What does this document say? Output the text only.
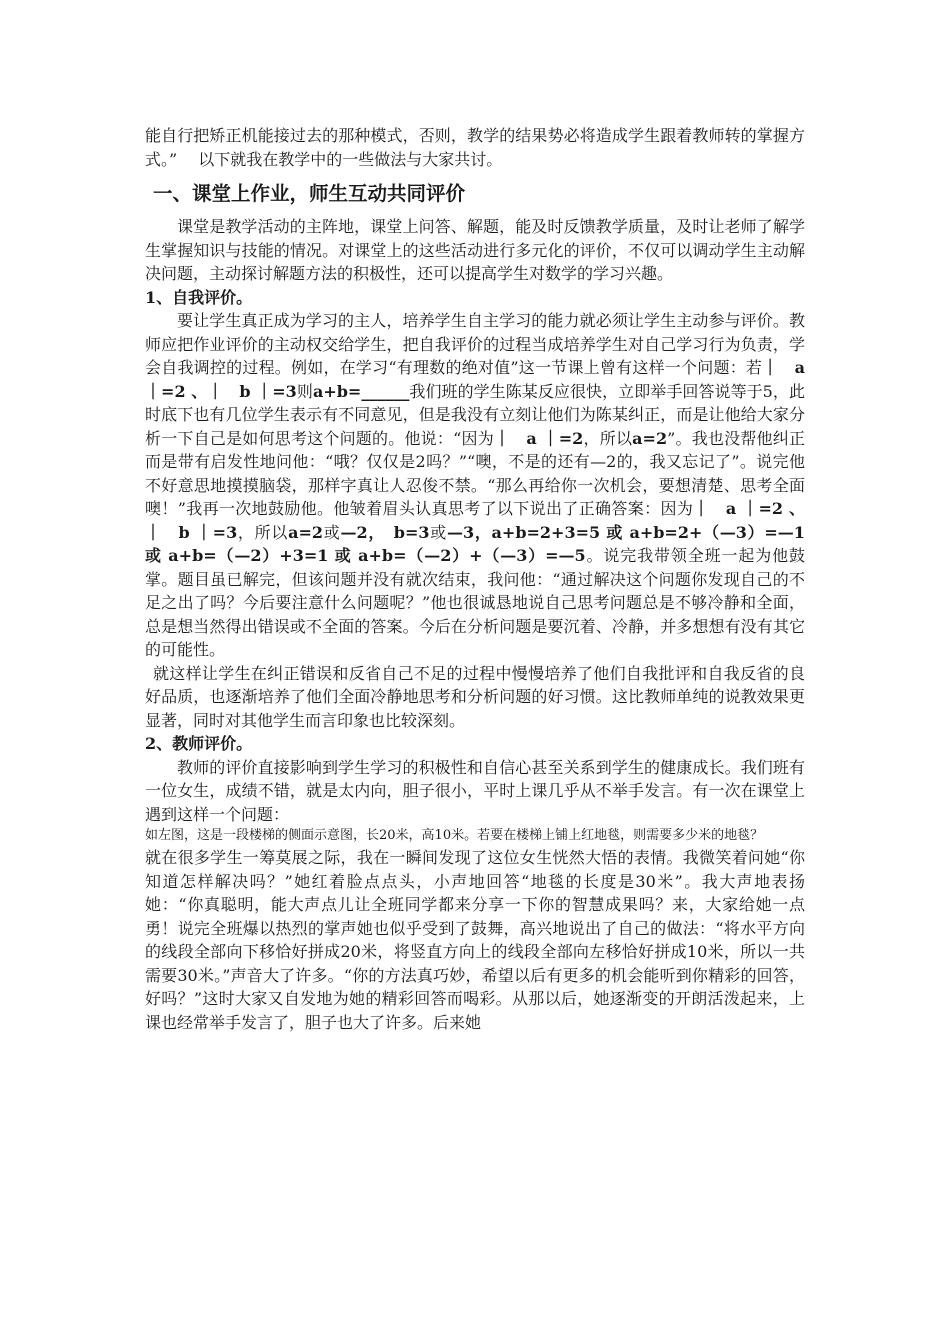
能自行把矫正机能接过去的那种模式，否则，教学的结果势必将造成学生跟着教师转的掌握方式。”　 以下就我在教学中的一些做法与大家共讨。

一、课堂上作业，师生互动共同评价

课堂是教学活动的主阵地，课堂上问答、解题，能及时反馈教学质量，及时让老师了解学生掌握知识与技能的情况。对课堂上的这些活动进行多元化的评价，不仅可以调动学生主动解决问题，主动探讨解题方法的积极性，还可以提高学生对数学的学习兴趣。

1、自我评价。

要让学生真正成为学习的主人，培养学生自主学习的能力就必须让学生主动参与评价。教师应把作业评价的主动权交给学生，把自我评价的过程当成培养学生对自己学习行为负责，学会自我调控的过程。例如，在学习“有理数的绝对值”这一节课上曾有这样一个问题：若｜　a ｜=2 、｜　b ｜=3则a+b=______我们班的学生陈某反应很快，立即举手回答说等于5，此时底下也有几位学生表示有不同意见，但是我没有立刻让他们为陈某纠正，而是让他给大家分析一下自己是如何思考这个问题的。他说：“因为｜　a ｜=2，所以a=2”。我也没帮他纠正而是带有启发性地问他：“哦？仅仅是2吗？”“噢，不是的还有—2的，我又忘记了”。说完他不好意思地摸摸脑袋，那样字真让人忍俊不禁。“那么再给你一次机会，要想清楚、思考全面噢！”我再一次地鼓励他。他皱着眉头认真思考了以下说出了正确答案：因为｜　a ｜=2 、｜　b ｜=3，所以a=2或—2，　b=3或—3，a+b=2+3=5 或 a+b=2+（—3）=—1 或 a+b=（—2）+3=1 或 a+b=（—2）+（—3）=—5。说完我带领全班一起为他鼓掌。题目虽已解完，但该问题并没有就次结束，我问他：“通过解决这个问题你发现自己的不足之出了吗？今后要注意什么问题呢？”他也很诚恳地说自己思考问题总是不够冷静和全面，总是想当然得出错误或不全面的答案。今后在分析问题是要沉着、冷静，并多想想有没有其它的可能性。

就这样让学生在纠正错误和反省自己不足的过程中慢慢培养了他们自我批评和自我反省的良好品质，也逐渐培养了他们全面冷静地思考和分析问题的好习惯。这比教师单纯的说教效果更显著，同时对其他学生而言印象也比较深刻。

2、教师评价。

教师的评价直接影响到学生学习的积极性和自信心甚至关系到学生的健康成长。我们班有一位女生，成绩不错，就是太内向，胆子很小，平时上课几乎从不举手发言。有一次在课堂上遇到这样一个问题：

如左图，这是一段楼梯的侧面示意图，长20米，高10米。若要在楼梯上铺上红地毯，则需要多少米的地毯？

就在很多学生一筹莫展之际，我在一瞬间发现了这位女生恍然大悟的表情。我微笑着问她“你知道怎样解决吗？”她红着脸点点头，小声地回答“地毯的长度是30米”。我大声地表扬她：“你真聪明，能大声点儿让全班同学都来分享一下你的智慧成果吗？来，大家给她一点勇！说完全班爆以热烈的掌声她也似乎受到了鼓舞，高兴地说出了自己的做法：“将水平方向的线段全部向下移恰好拼成20米，将竖直方向上的线段全部向左移恰好拼成10米，所以一共需要30米。”声音大了许多。“你的方法真巧妙，希望以后有更多的机会能听到你精彩的回答，好吗？”这时大家又自发地为她的精彩回答而喝彩。从那以后，她逐渐变的开朗活泼起来，上课也经常举手发言了，胆子也大了许多。后来她
